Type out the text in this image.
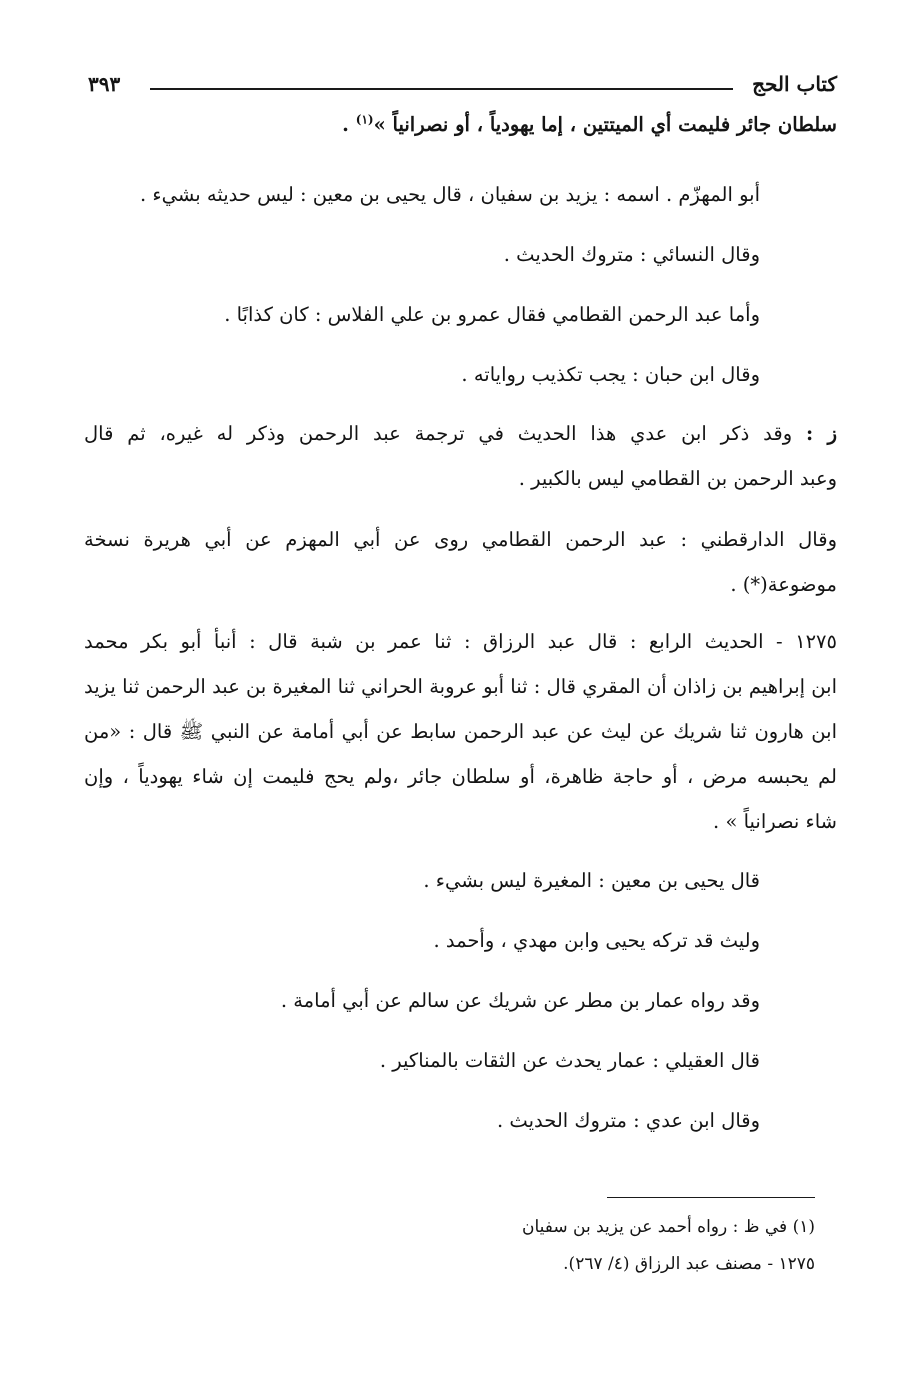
كتاب الحج
٣٩٣
سلطان جائر فليمت أي الميتتين ، إما يهودياً ، أو نصرانياً »$^{(١)}$ .
أبو المهزّم . اسمه : يزيد بن سفيان ، قال يحيى بن معين : ليس حديثه بشيء .
وقال النسائي : متروك الحديث .
وأما عبد الرحمن القطامي فقال عمرو بن علي الفلاس : كان كذابًا .
وقال ابن حبان : يجب تكذيب رواياته .
ز : وقد ذكر ابن عدي هذا الحديث في ترجمة عبد الرحمن وذكر له غيره، ثم قال
وعبد الرحمن بن القطامي ليس بالكبير .
وقال الدارقطني : عبد الرحمن القطامي روى عن أبي المهزم عن أبي هريرة نسخة
موضوعة(*) .
١٢٧٥ - الحديث الرابع : قال عبد الرزاق : ثنا عمر بن شبة قال : أنبأ أبو بكر محمد
ابن إبراهيم بن زاذان أن المقري قال : ثنا أبو عروبة الحراني ثنا المغيرة بن عبد الرحمن ثنا يزيد
ابن هارون ثنا شريك عن ليث عن عبد الرحمن سابط عن أبي أمامة عن النبي ﷺ قال : «من
لم يحبسه مرض ، أو حاجة ظاهرة، أو سلطان جائر ،ولم يحج فليمت إن شاء يهودياً ، وإن
شاء نصرانياً » .
قال يحيى بن معين : المغيرة ليس بشيء .
وليث قد تركه يحيى وابن مهدي ، وأحمد .
وقد رواه عمار بن مطر عن شريك عن سالم عن أبي أمامة .
قال العقيلي : عمار يحدث عن الثقات بالمناكير .
وقال ابن عدي : متروك الحديث .
(١) في ظ : رواه أحمد عن يزيد بن سفيان
١٢٧٥ - مصنف عبد الرزاق (٤/ ٢٦٧).
